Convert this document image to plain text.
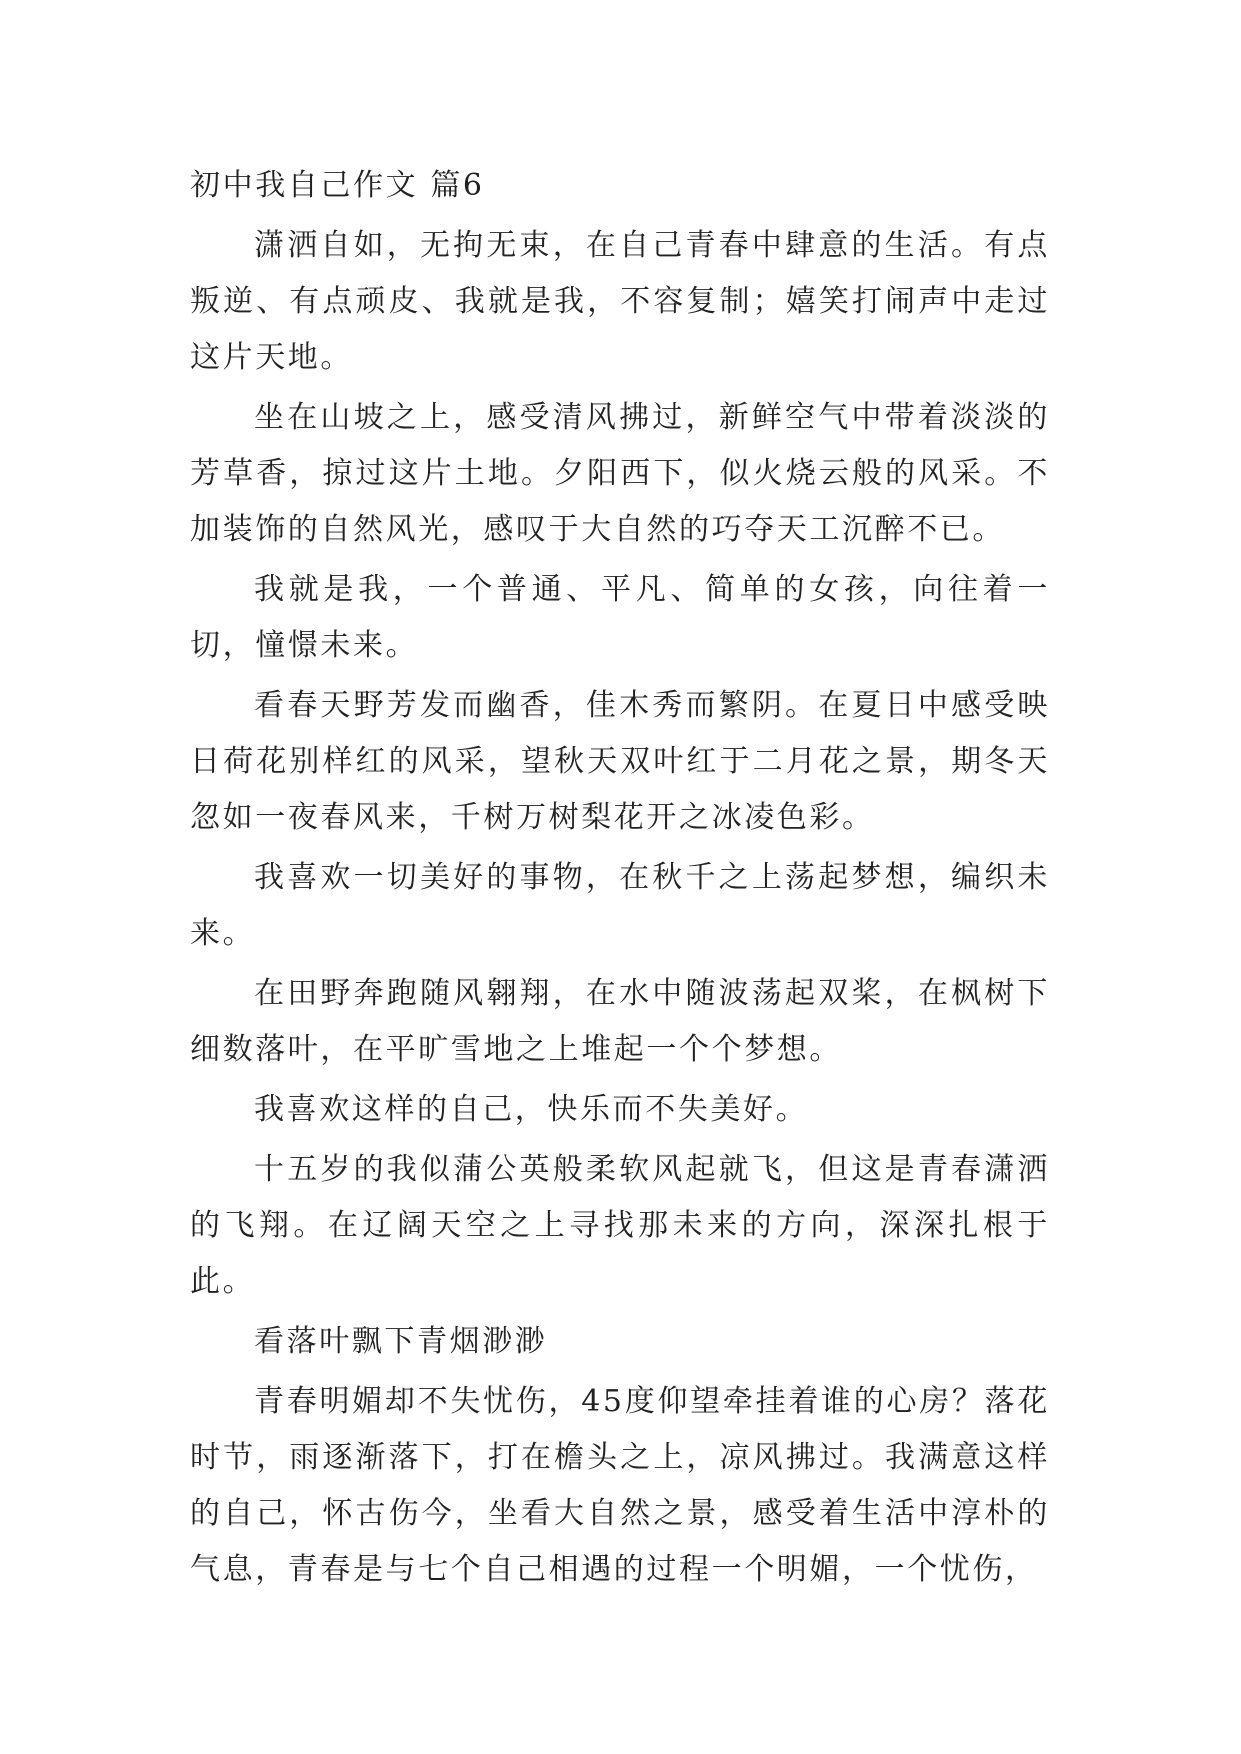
初中我自己作文 篇6

潇洒自如，无拘无束，在自己青春中肆意的生活。有点叛逆、有点顽皮、我就是我，不容复制；嬉笑打闹声中走过这片天地。

坐在山坡之上，感受清风拂过，新鲜空气中带着淡淡的芳草香，掠过这片土地。夕阳西下，似火烧云般的风采。不加装饰的自然风光，感叹于大自然的巧夺天工沉醉不已。

我就是我，一个普通、平凡、简单的女孩，向往着一切，憧憬未来。

看春天野芳发而幽香，佳木秀而繁阴。在夏日中感受映日荷花别样红的风采，望秋天双叶红于二月花之景，期冬天忽如一夜春风来，千树万树梨花开之冰凌色彩。

我喜欢一切美好的事物，在秋千之上荡起梦想，编织未来。

在田野奔跑随风翱翔，在水中随波荡起双桨，在枫树下细数落叶，在平旷雪地之上堆起一个个梦想。

我喜欢这样的自己，快乐而不失美好。

十五岁的我似蒲公英般柔软风起就飞，但这是青春潇洒的飞翔。在辽阔天空之上寻找那未来的方向，深深扎根于此。

看落叶飘下青烟渺渺

青春明媚却不失忧伤，45度仰望牵挂着谁的心房？落花时节，雨逐渐落下，打在檐头之上，凉风拂过。我满意这样的自己，怀古伤今，坐看大自然之景，感受着生活中淳朴的气息，青春是与七个自己相遇的过程一个明媚，一个忧伤，
